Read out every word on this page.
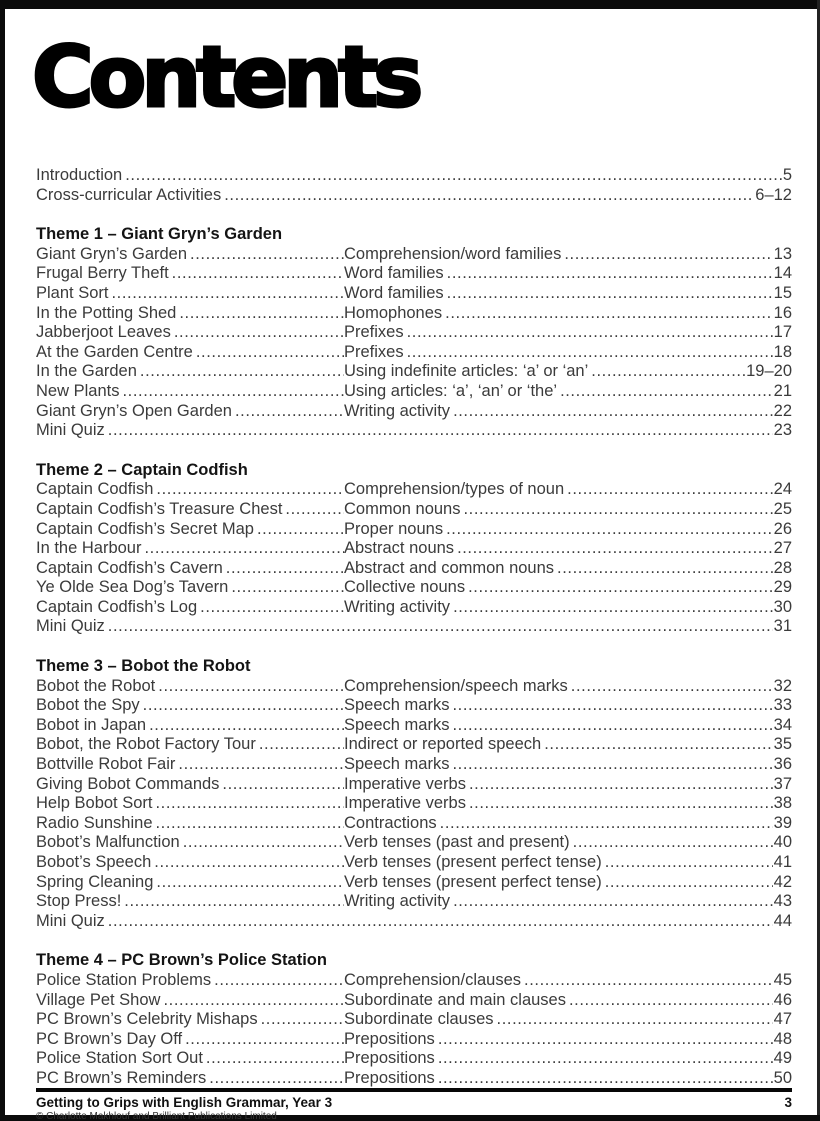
Contents
Introduction .....	5
Cross-curricular Activities .....	6–12
Theme 1 – Giant Gryn’s Garden
Giant Gryn’s Garden .....	Comprehension/word families .....	13
Frugal Berry Theft .....	Word families .....	14
Plant Sort .....	Word families .....	15
In the Potting Shed .....	Homophones .....	16
Jabberjoot Leaves .....	Prefixes .....	17
At the Garden Centre .....	Prefixes .....	18
In the Garden .....	Using indefinite articles: ‘a’ or ‘an’ .....	19–20
New Plants .....	Using articles: ‘a’, ‘an’ or ‘the’ .....	21
Giant Gryn’s Open Garden .....	Writing activity .....	22
Mini Quiz .....	23
Theme 2 – Captain Codfish
Captain Codfish .....	Comprehension/types of noun .....	24
Captain Codfish’s Treasure Chest .....	Common nouns .....	25
Captain Codfish’s Secret Map .....	Proper nouns .....	26
In the Harbour .....	Abstract nouns .....	27
Captain Codfish’s Cavern .....	Abstract and common nouns .....	28
Ye Olde Sea Dog’s Tavern .....	Collective nouns .....	29
Captain Codfish’s Log .....	Writing activity .....	30
Mini Quiz .....	31
Theme 3 – Bobot the Robot
Bobot the Robot .....	Comprehension/speech marks .....	32
Bobot the Spy .....	Speech marks .....	33
Bobot in Japan .....	Speech marks .....	34
Bobot, the Robot Factory Tour .....	Indirect or reported speech .....	35
Bottville Robot Fair .....	Speech marks .....	36
Giving Bobot Commands .....	Imperative verbs .....	37
Help Bobot Sort .....	Imperative verbs .....	38
Radio Sunshine .....	Contractions .....	39
Bobot’s Malfunction .....	Verb tenses (past and present) .....	40
Bobot’s Speech .....	Verb tenses (present perfect tense) .....	41
Spring Cleaning .....	Verb tenses (present perfect tense) .....	42
Stop Press! .....	Writing activity .....	43
Mini Quiz .....	44
Theme 4 – PC Brown’s Police Station
Police Station Problems .....	Comprehension/clauses .....	45
Village Pet Show .....	Subordinate and main clauses .....	46
PC Brown’s Celebrity Mishaps .....	Subordinate clauses .....	47
PC Brown’s Day Off .....	Prepositions .....	48
Police Station Sort Out .....	Prepositions .....	49
PC Brown’s Reminders .....	Prepositions .....	50
Getting to Grips with English Grammar, Year 3
© Charlotte Makhlouf and Brilliant Publications Limited
3
